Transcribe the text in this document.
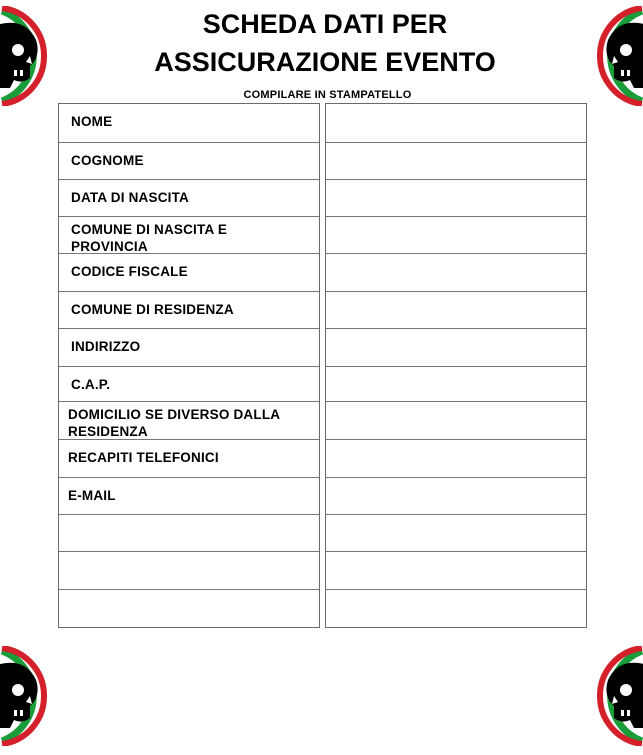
SCHEDA DATI PER
ASSICURAZIONE EVENTO
COMPILARE IN STAMPATELLO
NOME
COGNOME
DATA DI NASCITA
COMUNE DI NASCITA E
PROVINCIA
CODICE FISCALE
COMUNE DI RESIDENZA
INDIRIZZO
C.A.P.
DOMICILIO SE DIVERSO DALLA
RESIDENZA
RECAPITI TELEFONICI
E-MAIL
